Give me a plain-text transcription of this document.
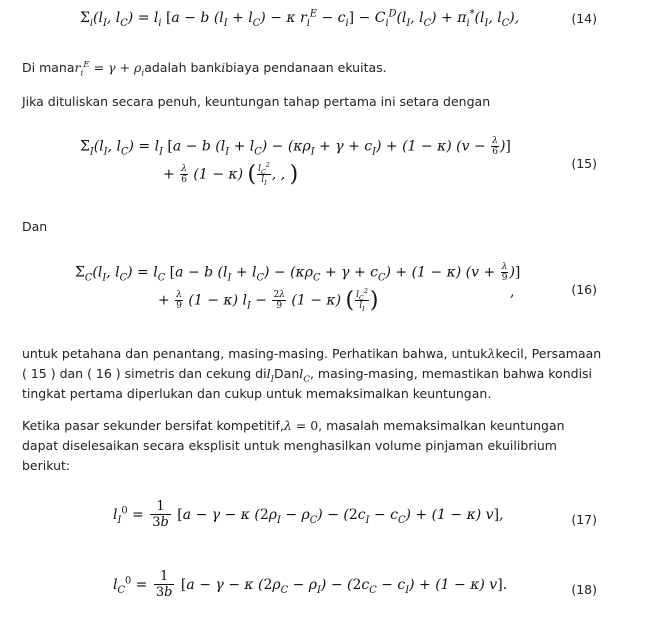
$\Sigma_i(l_I$, $l_C) = l_i$ [a − b $(l_I + l_C) - \kappa$ $r_i^E - c_i] - C_i^D(l_I$, $l_C) + \pi_i^*(l_I$, $l_C$),	(14)
Di manar$_i^E$ = $\gamma + \rho_iadalah$ bankibiaya pendanaan ekuitas.
Jika dituliskan secara penuh, keuntungan tahap pertama ini setara dengan
$\Sigma_I(l_I$, $l_C) = l_I$ [a − b $(l_I + l_C) - (\kappa\rho_I + \gamma + c_I) + (1 - \kappa) (v - \frac{\lambda}{6}$ )]
+ $\frac{\lambda}{6} (1 - \kappa)$ ( $\frac{l_C^2}{l_I}$ , , )	(15)
Dan
$\Sigma_C(l_I$, $l_C) = l_C$ [a − b $(l_I + l_C) - (\kappa\rho_C + \gamma + c_C) + (1 - \kappa) (v + \frac{\lambda}{9}$ )]
+ $\frac{\lambda}{9} (1 - \kappa) l_I - \frac{2\lambda}{9} (1 - \kappa)$ ( $\frac{l_C^2}{l_I}$ )	,	(16)
untuk petahana dan penantang, masing-masing. Perhatikan bahwa, untukλkecil, Persamaan
( 15 ) dan ( 16 ) simetris dan cekung dil$_I$Danl$_C$, masing-masing, memastikan bahwa kondisi
tingkat pertama diperlukan dan cukup untuk memaksimalkan keuntungan.
Ketika pasar sekunder bersifat kompetitif,λ = 0, masalah memaksimalkan keuntungan
dapat diselesaikan secara eksplisit untuk menghasilkan volume pinjaman ekuilibrium
berikut:
$l_I^0 = \frac{1}{3b} [a - \gamma - \kappa$ $(2\rho_I - \rho_C) - (2c_I - c_C) + (1 - \kappa)$ v],	(17)
$l_C^0 = \frac{1}{3b} [a - \gamma - \kappa$ $(2\rho_C - \rho_I) - (2c_C - c_I) + (1 - \kappa)$ v].	(18)
